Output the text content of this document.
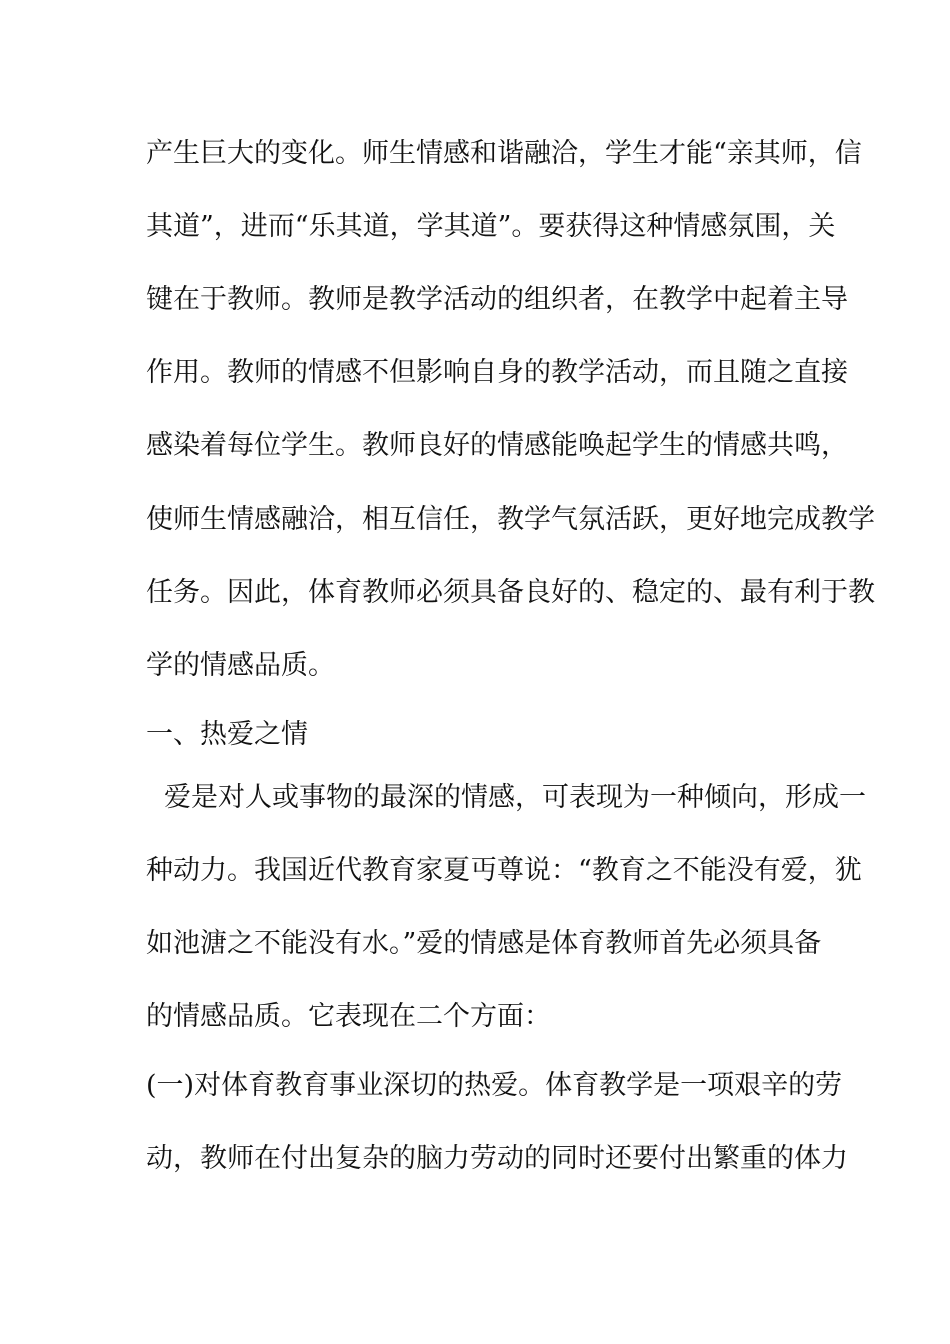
产生巨大的变化。师生情感和谐融洽，学生才能“亲其师，信
其道”，进而“乐其道，学其道”。要获得这种情感氛围，关
键在于教师。教师是教学活动的组织者，在教学中起着主导
作用。教师的情感不但影响自身的教学活动，而且随之直接
感染着每位学生。教师良好的情感能唤起学生的情感共鸣，
使师生情感融洽，相互信任，教学气氛活跃，更好地完成教学
任务。因此，体育教师必须具备良好的、稳定的、最有利于教
学的情感品质。
一、热爱之情
爱是对人或事物的最深的情感，可表现为一种倾向，形成一
种动力。我国近代教育家夏丏尊说：“教育之不能没有爱，犹
如池溏之不能没有水。”爱的情感是体育教师首先必须具备
的情感品质。它表现在二个方面：
(一)对体育教育事业深切的热爱。体育教学是一项艰辛的劳
动，教师在付出复杂的脑力劳动的同时还要付出繁重的体力
